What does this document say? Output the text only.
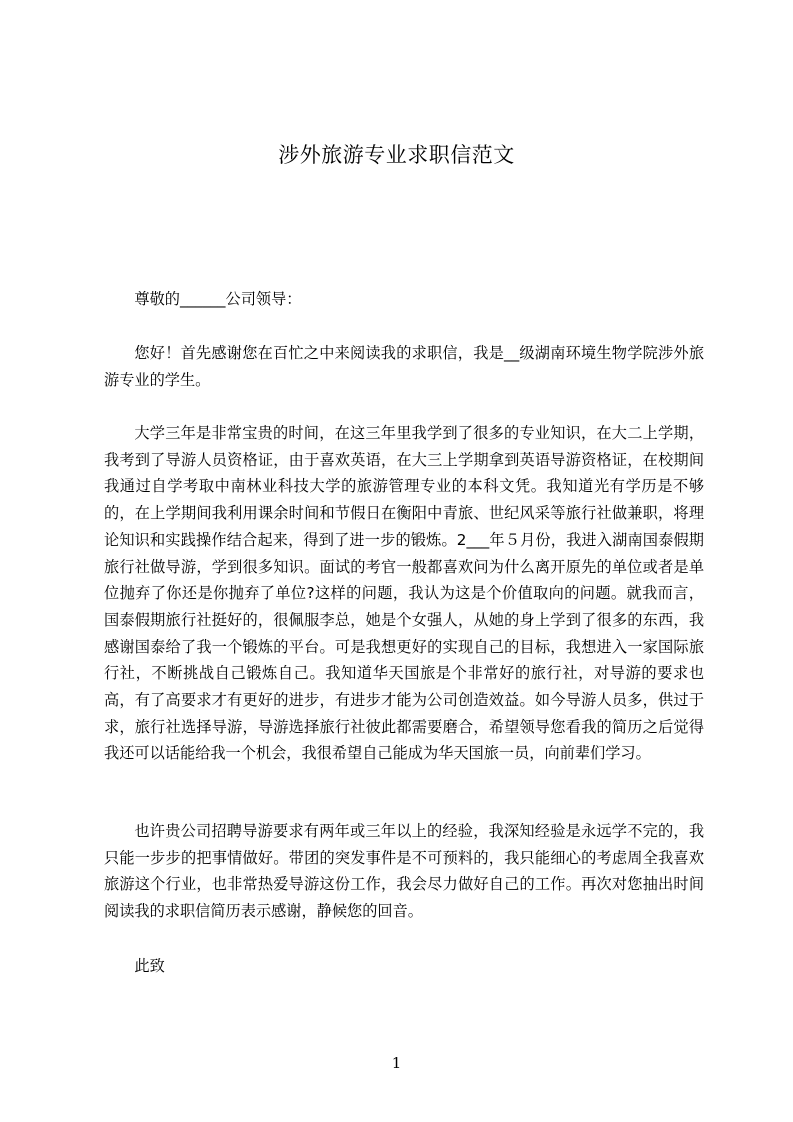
涉外旅游专业求职信范文

尊敬的______公司领导：

您好！首先感谢您在百忙之中来阅读我的求职信，我是__级湖南环境生物学院涉外旅游专业的学生。

大学三年是非常宝贵的时间，在这三年里我学到了很多的专业知识，在大二上学期，我考到了导游人员资格证，由于喜欢英语，在大三上学期拿到英语导游资格证，在校期间我通过自学考取中南林业科技大学的旅游管理专业的本科文凭。我知道光有学历是不够的，在上学期间我利用课余时间和节假日在衡阳中青旅、世纪风采等旅行社做兼职，将理论知识和实践操作结合起来，得到了进一步的锻炼。2___年５月份，我进入湖南国泰假期旅行社做导游，学到很多知识。面试的考官一般都喜欢问为什么离开原先的单位或者是单位抛弃了你还是你抛弃了单位?这样的问题，我认为这是个价值取向的问题。就我而言，国泰假期旅行社挺好的，很佩服李总，她是个女强人，从她的身上学到了很多的东西，我感谢国泰给了我一个锻炼的平台。可是我想更好的实现自己的目标，我想进入一家国际旅行社，不断挑战自己锻炼自己。我知道华天国旅是个非常好的旅行社，对导游的要求也高，有了高要求才有更好的进步，有进步才能为公司创造效益。如今导游人员多，供过于求，旅行社选择导游，导游选择旅行社彼此都需要磨合，希望领导您看我的简历之后觉得我还可以话能给我一个机会，我很希望自己能成为华天国旅一员，向前辈们学习。

也许贵公司招聘导游要求有两年或三年以上的经验，我深知经验是永远学不完的，我只能一步步的把事情做好。带团的突发事件是不可预料的，我只能细心的考虑周全我喜欢旅游这个行业，也非常热爱导游这份工作，我会尽力做好自己的工作。再次对您抽出时间阅读我的求职信简历表示感谢，静候您的回音。

此致

1
